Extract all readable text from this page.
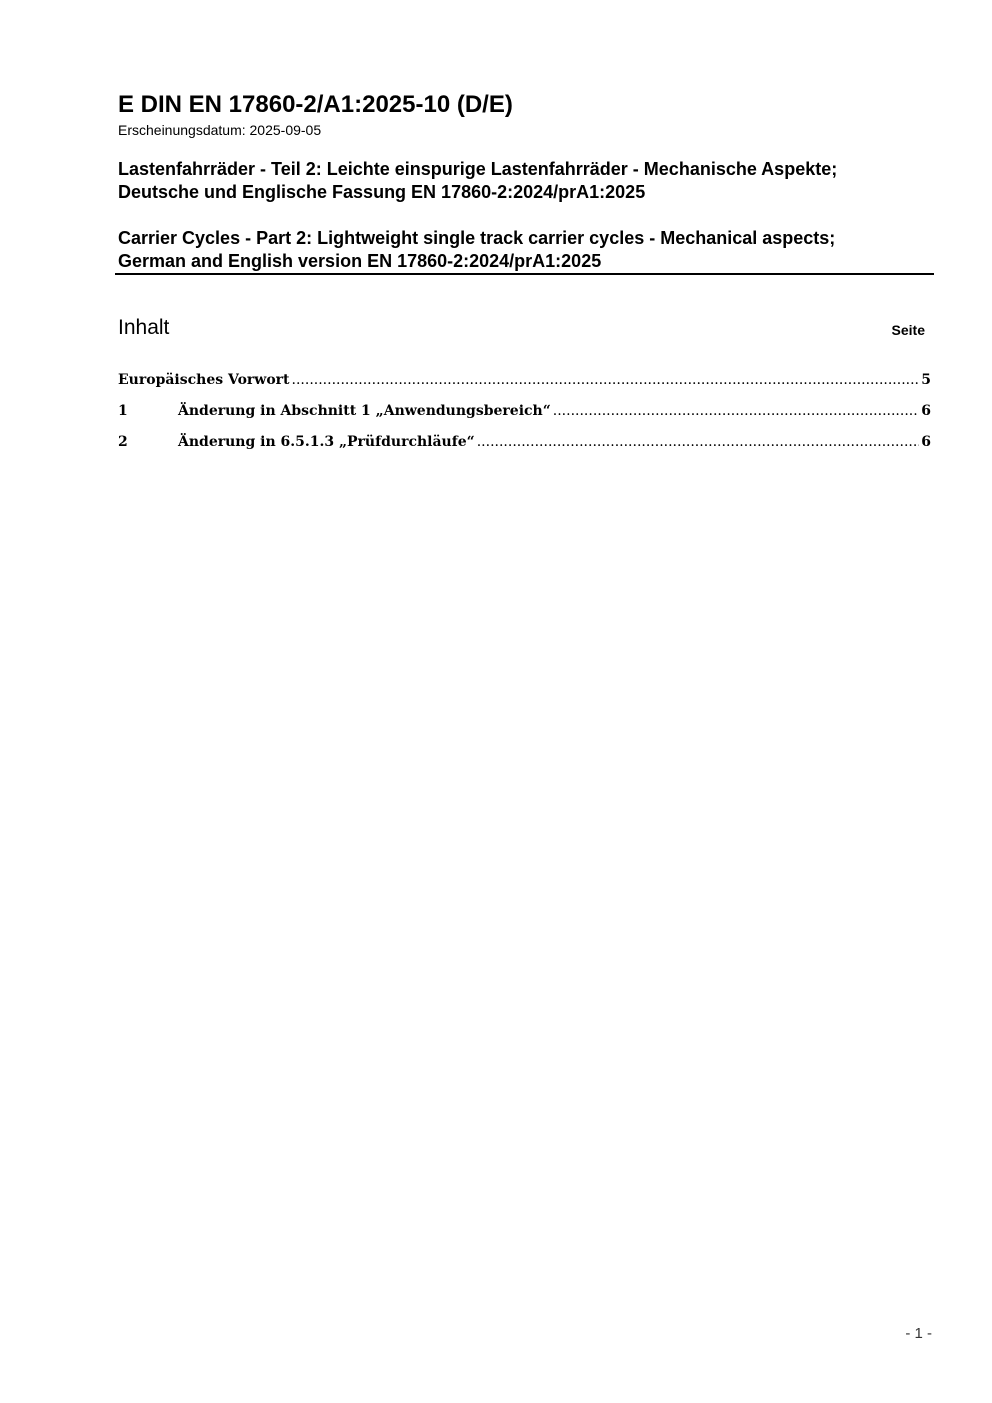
E DIN EN 17860-2/A1:2025-10 (D/E)
Erscheinungsdatum: 2025-09-05
Lastenfahrräder - Teil 2: Leichte einspurige Lastenfahrräder - Mechanische Aspekte;
Deutsche und Englische Fassung EN 17860-2:2024/prA1:2025
Carrier Cycles - Part 2: Lightweight single track carrier cycles - Mechanical aspects;
German and English version EN 17860-2:2024/prA1:2025
Inhalt	Seite
Europäisches Vorwort .....	5
1	Änderung in Abschnitt 1 „Anwendungsbereich“ .....	6
2	Änderung in 6.5.1.3 „Prüfdurchläufe“ .....	6
- 1 -
